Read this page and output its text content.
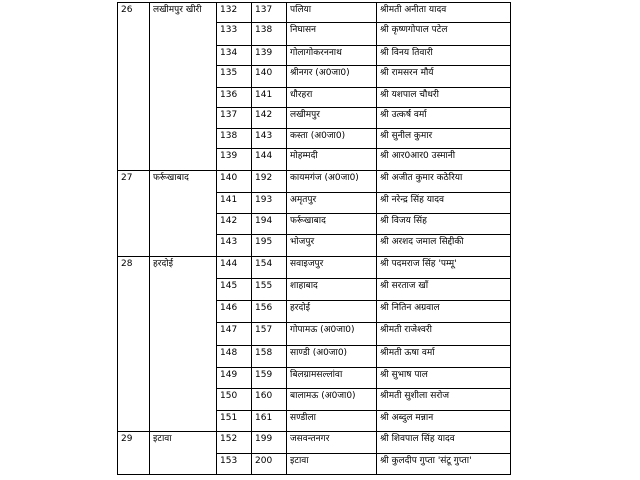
26	लखीमपुर खीरी	132	137	पलिया	श्रीमती अनीता यादव
		133	138	निघासन	श्री कृष्णगोपाल पटेल
		134	139	गोलागोकरननाथ	श्री विनय तिवारी
		135	140	श्रीनगर (अ0जा0)	श्री रामसरन मौर्य
		136	141	धौरहरा	श्री यशपाल चौधरी
		137	142	लखीमपुर	श्री उत्कर्ष वर्मा
		138	143	कस्ता (अ0जा0)	श्री सुनील कुमार
		139	144	मोहम्मदी	श्री आर0आर0 उस्मानी
27	फर्रूखाबाद	140	192	कायमगंज (अ0जा0)	श्री अजीत कुमार कठेरिया
		141	193	अमृतपुर	श्री नरेन्द्र सिंह यादव
		142	194	फर्रूखाबाद	श्री विजय सिंह
		143	195	भोजपुर	श्री अरशद जमाल सिद्दीकी
28	हरदोई	144	154	सवाइजपुर	श्री पदमराज सिंह 'पम्मू'
		145	155	शाहाबाद	श्री सरताज खाँ
		146	156	हरदोई	श्री नितिन अग्रवाल
		147	157	गोपामऊ (अ0जा0)	श्रीमती राजेश्वरी
		148	158	साण्डी (अ0जा0)	श्रीमती ऊषा वर्मा
		149	159	बिलग्रामसल्लांवा	श्री सुभाष पाल
		150	160	बालामऊ (अ0जा0)	श्रीमती सुशीला सरोज
		151	161	सण्डीला	श्री अब्दुल मन्नान
29	इटावा	152	199	जसवन्तनगर	श्री शिवपाल सिंह यादव
		153	200	इटावा	श्री कुलदीप गुप्ता 'संटू गुप्ता'
